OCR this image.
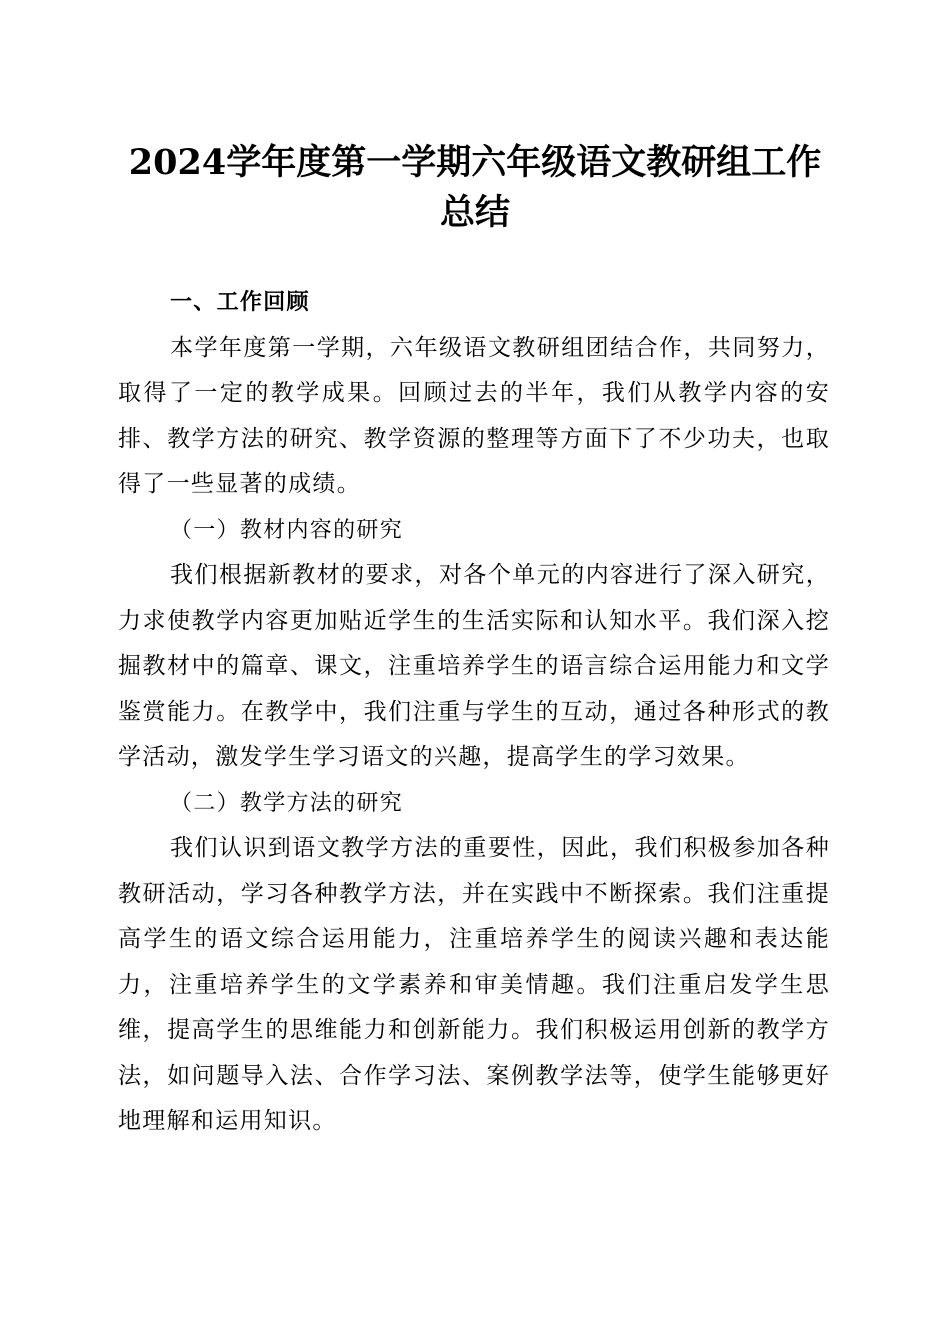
2024学年度第一学期六年级语文教研组工作总结

一、工作回顾

本学年度第一学期，六年级语文教研组团结合作，共同努力，取得了一定的教学成果。回顾过去的半年，我们从教学内容的安排、教学方法的研究、教学资源的整理等方面下了不少功夫，也取得了一些显著的成绩。

（一）教材内容的研究

我们根据新教材的要求，对各个单元的内容进行了深入研究，力求使教学内容更加贴近学生的生活实际和认知水平。我们深入挖掘教材中的篇章、课文，注重培养学生的语言综合运用能力和文学鉴赏能力。在教学中，我们注重与学生的互动，通过各种形式的教学活动，激发学生学习语文的兴趣，提高学生的学习效果。

（二）教学方法的研究

我们认识到语文教学方法的重要性，因此，我们积极参加各种教研活动，学习各种教学方法，并在实践中不断探索。我们注重提高学生的语文综合运用能力，注重培养学生的阅读兴趣和表达能力，注重培养学生的文学素养和审美情趣。我们注重启发学生思维，提高学生的思维能力和创新能力。我们积极运用创新的教学方法，如问题导入法、合作学习法、案例教学法等，使学生能够更好地理解和运用知识。
